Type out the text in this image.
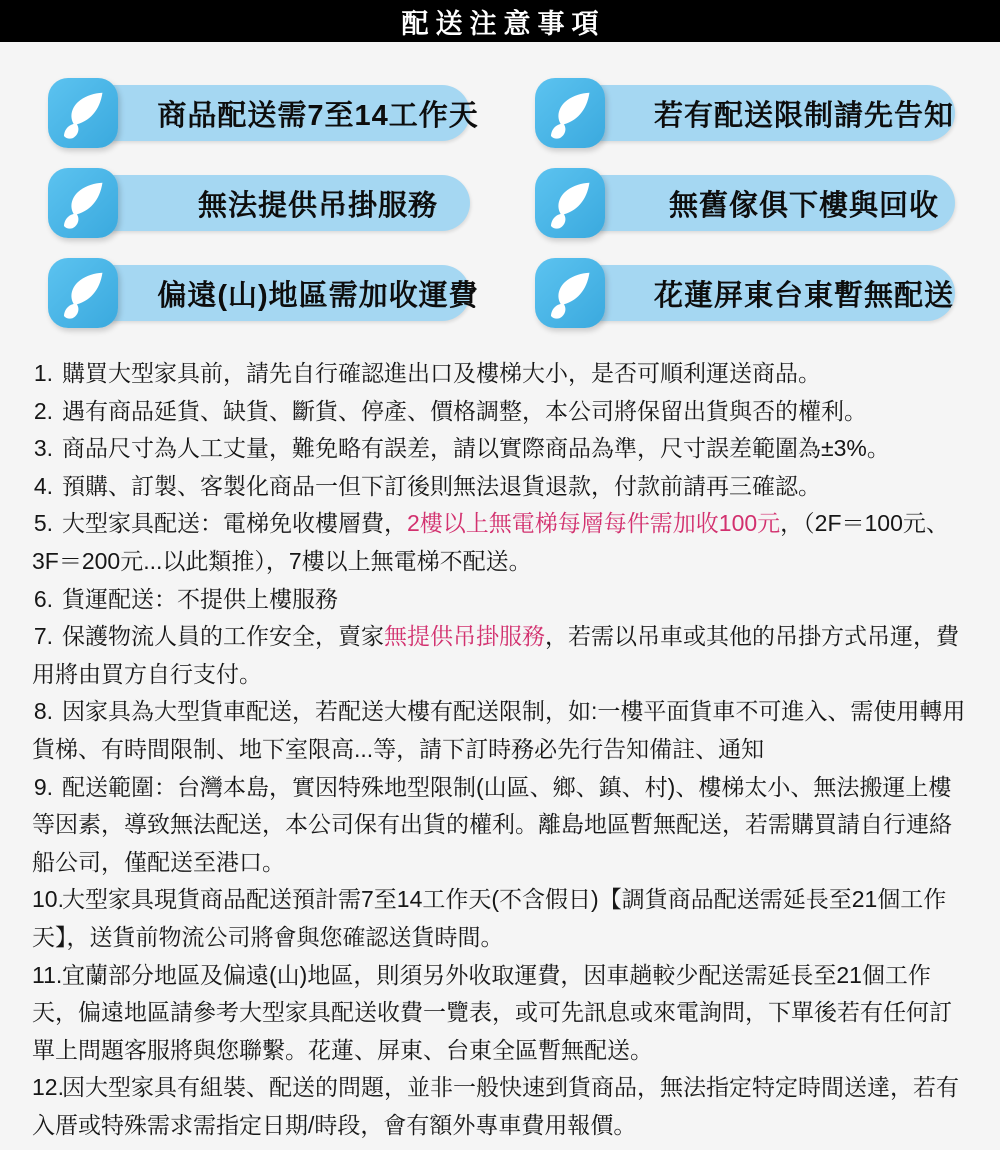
配送注意事項
商品配送需7至14工作天	若有配送限制請先告知
無法提供吊掛服務	無舊傢俱下樓與回收
偏遠(山)地區需加收運費	花蓮屏東台東暫無配送
1. 購買大型家具前，請先自行確認進出口及樓梯大小，是否可順利運送商品。
2. 遇有商品延貨、缺貨、斷貨、停產、價格調整，本公司將保留出貨與否的權利。
3. 商品尺寸為人工丈量，難免略有誤差，請以實際商品為準，尺寸誤差範圍為±3%。
4. 預購、訂製、客製化商品一但下訂後則無法退貨退款，付款前請再三確認。
5. 大型家具配送：電梯免收樓層費，2樓以上無電梯每層每件需加收100元，（2F＝100元、3F＝200元...以此類推），7樓以上無電梯不配送。
6. 貨運配送：不提供上樓服務
7. 保護物流人員的工作安全，賣家無提供吊掛服務，若需以吊車或其他的吊掛方式吊運，費用將由買方自行支付。
8. 因家具為大型貨車配送，若配送大樓有配送限制，如:一樓平面貨車不可進入、需使用轉用貨梯、有時間限制、地下室限高...等，請下訂時務必先行告知備註、通知
9. 配送範圍：台灣本島，實因特殊地型限制(山區、鄉、鎮、村)、樓梯太小、無法搬運上樓等因素，導致無法配送，本公司保有出貨的權利。離島地區暫無配送，若需購買請自行連絡船公司，僅配送至港口。
10.大型家具現貨商品配送預計需7至14工作天(不含假日)【調貨商品配送需延長至21個工作天】，送貨前物流公司將會與您確認送貨時間。
11.宜蘭部分地區及偏遠(山)地區，則須另外收取運費，因車趟較少配送需延長至21個工作天，偏遠地區請參考大型家具配送收費一覽表，或可先訊息或來電詢問，下單後若有任何訂單上問題客服將與您聯繫。花蓮、屏東、台東全區暫無配送。
12.因大型家具有組裝、配送的問題，並非一般快速到貨商品，無法指定特定時間送達，若有入厝或特殊需求需指定日期/時段，會有額外專車費用報價。
